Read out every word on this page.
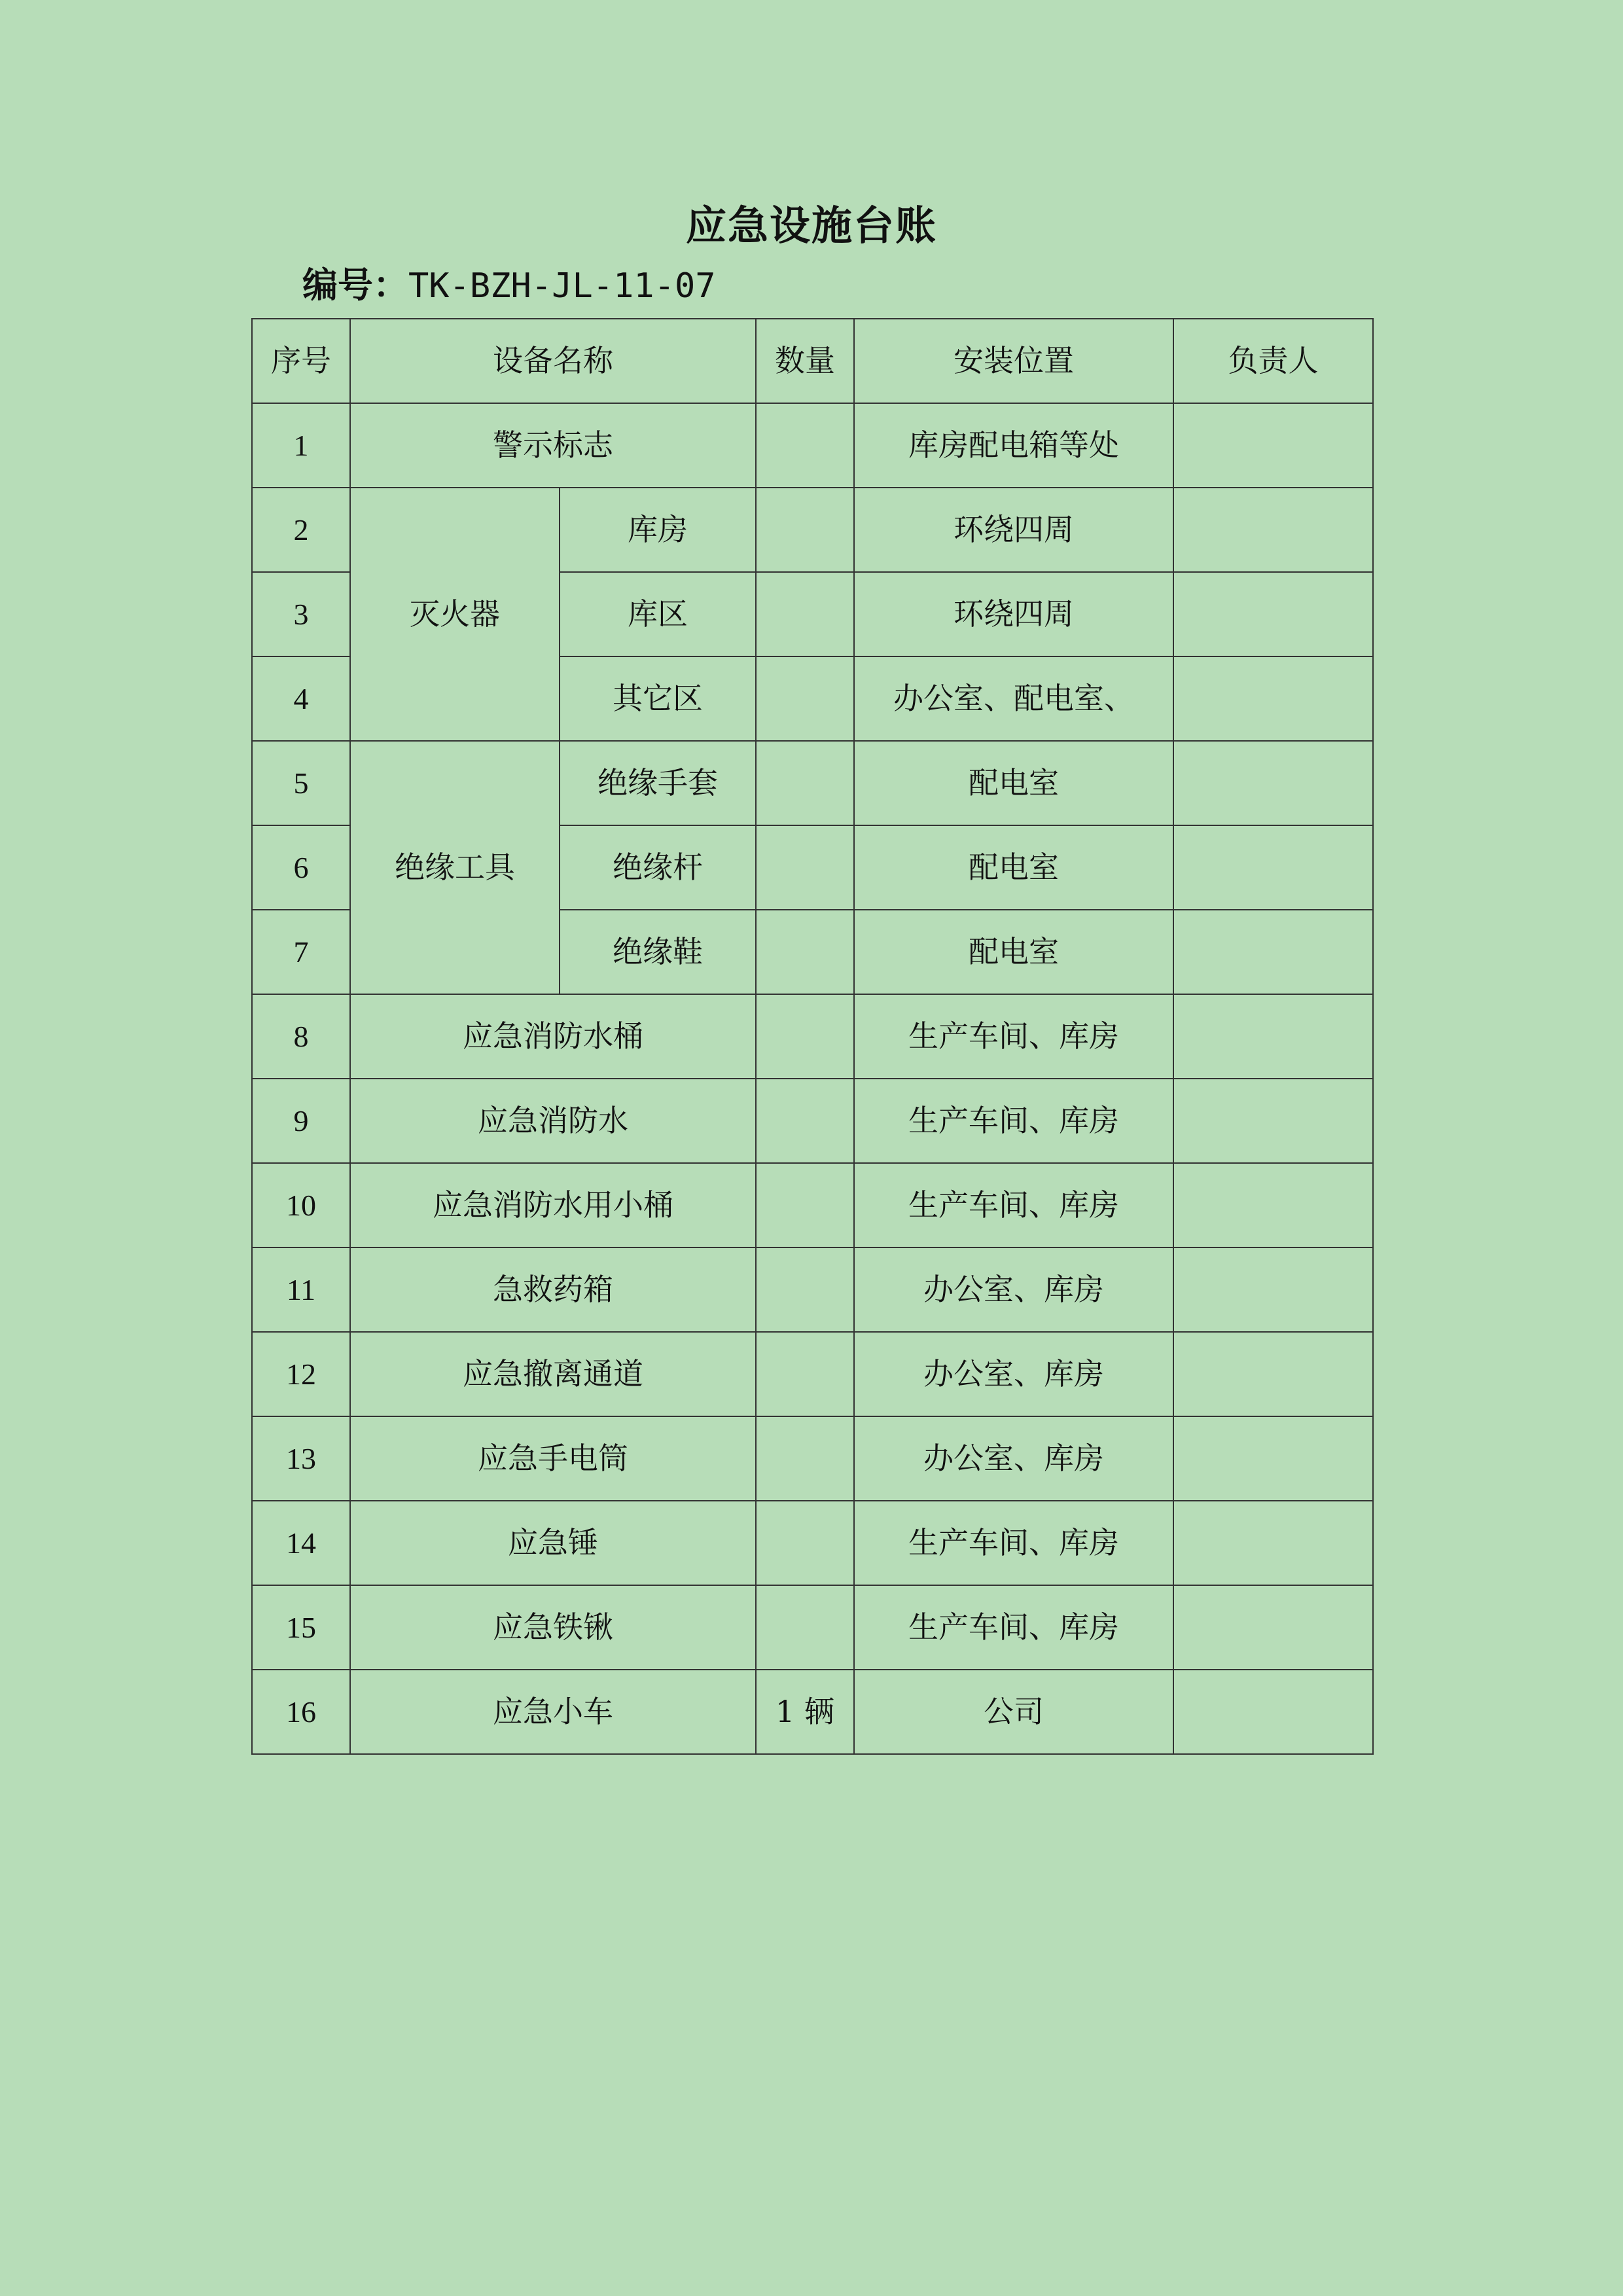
应急设施台账
编号：TK-BZH-JL-11-07
序号	设备名称		数量	安装位置	负责人
1	警示标志			库房配电箱等处	
2	灭火器	库房		环绕四周	
3		库区		环绕四周	
4		其它区		办公室、配电室、	
5	绝缘工具	绝缘手套		配电室	
6		绝缘杆		配电室	
7		绝缘鞋		配电室	
8	应急消防水桶			生产车间、库房	
9	应急消防水			生产车间、库房	
10	应急消防水用小桶			生产车间、库房	
11	急救药箱			办公室、库房	
12	应急撤离通道			办公室、库房	
13	应急手电筒			办公室、库房	
14	应急锤			生产车间、库房	
15	应急铁锹			生产车间、库房	
16	应急小车		1 辆	公司	
